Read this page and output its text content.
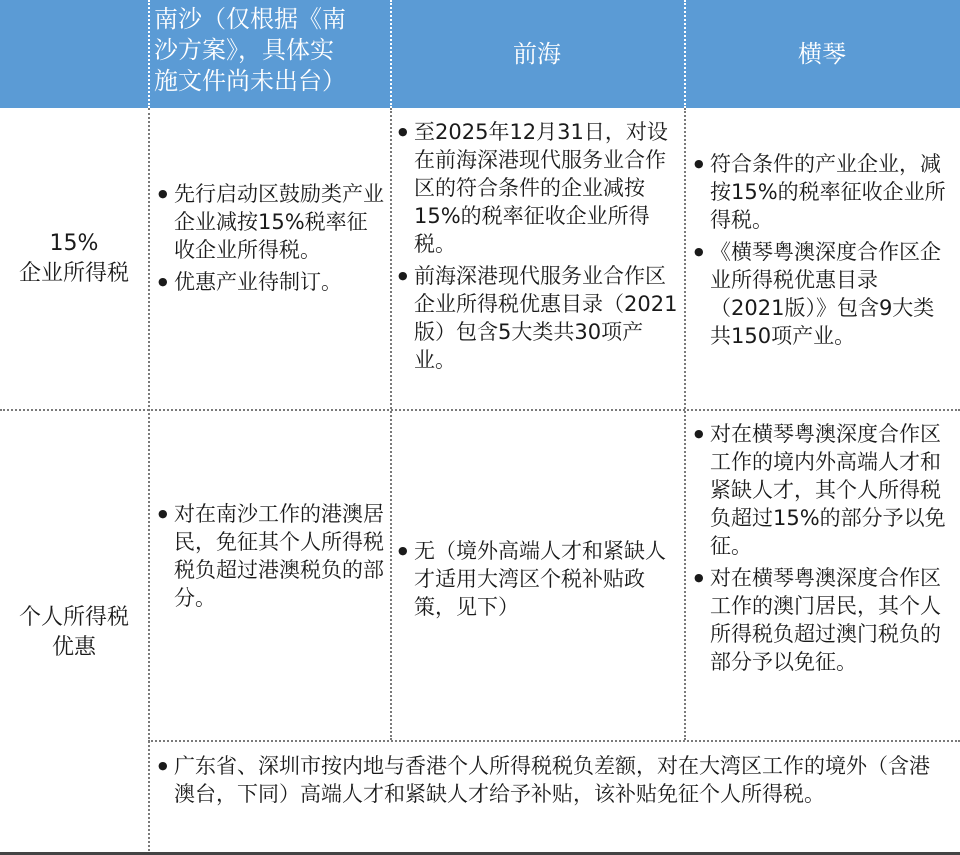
南沙（仅根据《南
沙方案》，具体实
施文件尚未出台）
前海	横琴
15%
企业所得税
● 先行启动区鼓励类产业企业减按15%税率征收企业所得税。
● 优惠产业待制订。
● 至2025年12月31日，对设在前海深港现代服务业合作区的符合条件的企业减按15%的税率征收企业所得税。
● 前海深港现代服务业合作区企业所得税优惠目录（2021版）包含5大类共30项产业。
● 符合条件的产业企业，减按15%的税率征收企业所得税。
● 《横琴粤澳深度合作区企业所得税优惠目录（2021版）》包含9大类共150项产业。
个人所得税
优惠
● 对在南沙工作的港澳居民，免征其个人所得税税负超过港澳税负的部分。
● 无（境外高端人才和紧缺人才适用大湾区个税补贴政策，见下）
● 对在横琴粤澳深度合作区工作的境内外高端人才和紧缺人才，其个人所得税负超过15%的部分予以免征。
● 对在横琴粤澳深度合作区工作的澳门居民，其个人所得税负超过澳门税负的部分予以免征。
● 广东省、深圳市按内地与香港个人所得税税负差额，对在大湾区工作的境外（含港澳台，下同）高端人才和紧缺人才给予补贴，该补贴免征个人所得税。
